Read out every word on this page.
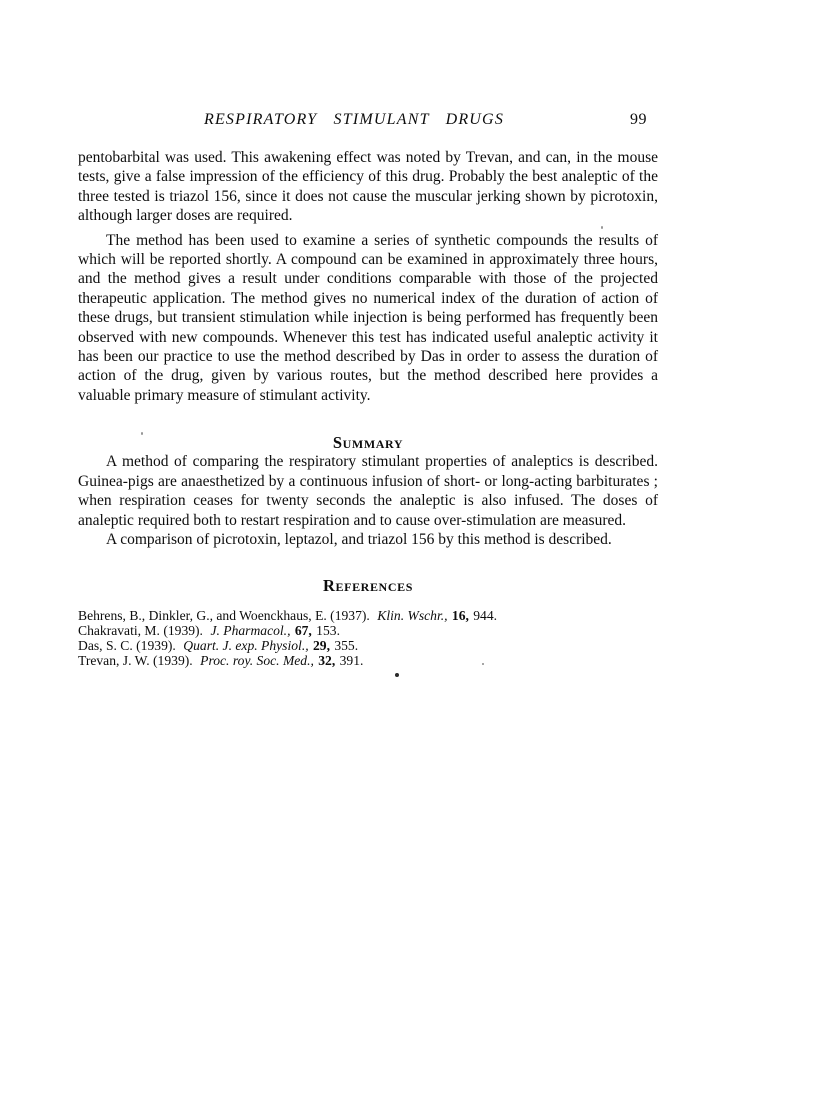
RESPIRATORY STIMULANT DRUGS	99

pentobarbital was used. This awakening effect was noted by Trevan, and can, in the mouse tests, give a false impression of the efficiency of this drug. Probably the best analeptic of the three tested is triazol 156, since it does not cause the muscular jerking shown by picrotoxin, although larger doses are required.

The method has been used to examine a series of synthetic compounds the results of which will be reported shortly. A compound can be examined in approximately three hours, and the method gives a result under conditions comparable with those of the projected therapeutic application. The method gives no numerical index of the duration of action of these drugs, but transient stimulation while injection is being performed has frequently been observed with new compounds. Whenever this test has indicated useful analeptic activity it has been our practice to use the method described by Das in order to assess the duration of action of the drug, given by various routes, but the method described here provides a valuable primary measure of stimulant activity.

Summary

A method of comparing the respiratory stimulant properties of analeptics is described. Guinea-pigs are anaesthetized by a continuous infusion of short- or long-acting barbiturates ; when respiration ceases for twenty seconds the analeptic is also infused. The doses of analeptic required both to restart respiration and to cause over-stimulation are measured.

A comparison of picrotoxin, leptazol, and triazol 156 by this method is described.

References
Behrens, B., Dinkler, G., and Woenckhaus, E. (1937). Klin. Wschr., 16, 944.
Chakravati, M. (1939). J. Pharmacol., 67, 153.
Das, S. C. (1939). Quart. J. exp. Physiol., 29, 355.
Trevan, J. W. (1939). Proc. roy. Soc. Med., 32, 391.
